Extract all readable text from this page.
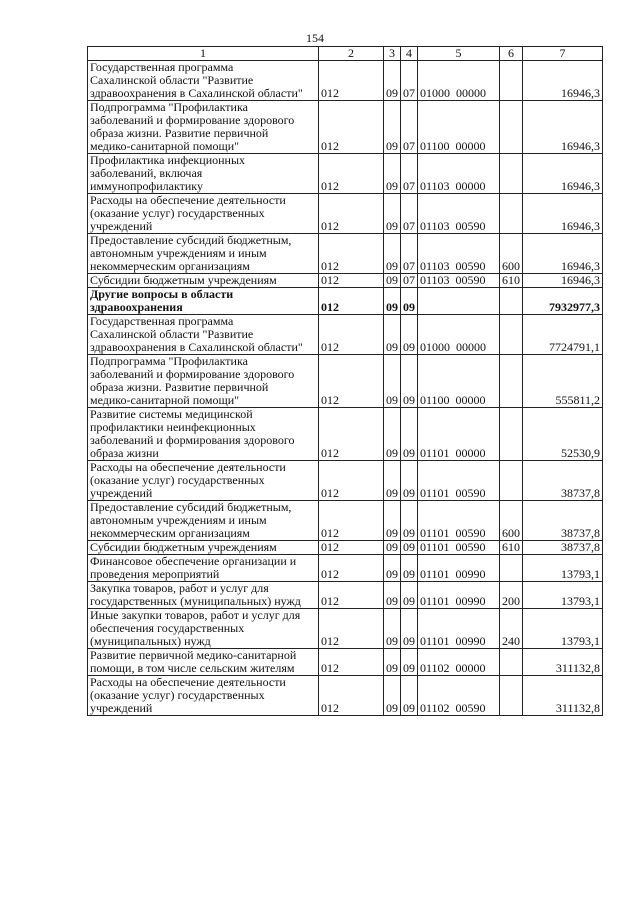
154
1	2	3	4	5	6	7
Государственная программа
Сахалинской области "Развитие
здравоохранения в Сахалинской области"	012	09	07	01000  00000		16946,3
Подпрограмма "Профилактика
заболеваний и формирование здорового
образа жизни. Развитие первичной
медико-санитарной помощи"	012	09	07	01100  00000		16946,3
Профилактика инфекционных
заболеваний, включая
иммунопрофилактику	012	09	07	01103  00000		16946,3
Расходы на обеспечение деятельности
(оказание услуг) государственных
учреждений	012	09	07	01103  00590		16946,3
Предоставление субсидий бюджетным,
автономным учреждениям и иным
некоммерческим организациям	012	09	07	01103  00590	600	16946,3
Субсидии бюджетным учреждениям	012	09	07	01103  00590	610	16946,3
Другие вопросы в области
здравоохранения	012	09	09			7932977,3
Государственная программа
Сахалинской области "Развитие
здравоохранения в Сахалинской области"	012	09	09	01000  00000		7724791,1
Подпрограмма "Профилактика
заболеваний и формирование здорового
образа жизни. Развитие первичной
медико-санитарной помощи"	012	09	09	01100  00000		555811,2
Развитие системы медицинской
профилактики неинфекционных
заболеваний и формирования здорового
образа жизни	012	09	09	01101  00000		52530,9
Расходы на обеспечение деятельности
(оказание услуг) государственных
учреждений	012	09	09	01101  00590		38737,8
Предоставление субсидий бюджетным,
автономным учреждениям и иным
некоммерческим организациям	012	09	09	01101  00590	600	38737,8
Субсидии бюджетным учреждениям	012	09	09	01101  00590	610	38737,8
Финансовое обеспечение организации и
проведения мероприятий	012	09	09	01101  00990		13793,1
Закупка товаров, работ и услуг для
государственных (муниципальных) нужд	012	09	09	01101  00990	200	13793,1
Иные закупки товаров, работ и услуг для
обеспечения государственных
(муниципальных) нужд	012	09	09	01101  00990	240	13793,1
Развитие первичной медико-санитарной
помощи, в том числе сельским жителям	012	09	09	01102  00000		311132,8
Расходы на обеспечение деятельности
(оказание услуг) государственных
учреждений	012	09	09	01102  00590		311132,8
